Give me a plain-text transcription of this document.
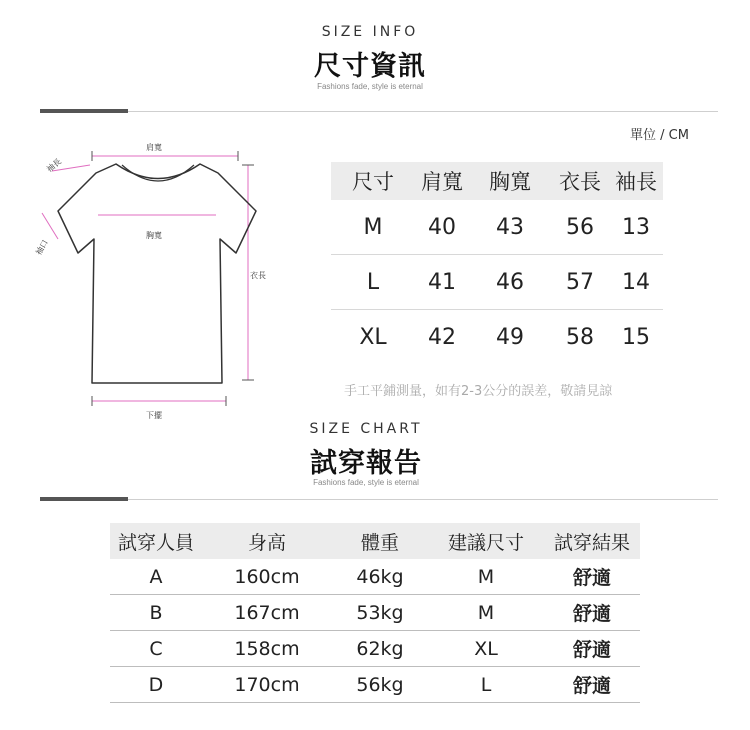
SIZE INFO
尺寸資訊
Fashions fade, style is eternal
單位 / CM
肩寬
袖長
袖口
胸寬
衣長
下擺
尺寸	肩寬	胸寬	衣長	袖長
M	40	43	56	13
L	41	46	57	14
XL	42	49	58	15
手工平鋪測量，如有2-3公分的誤差，敬請見諒
SIZE CHART
試穿報告
Fashions fade, style is eternal
試穿人員	身高	體重	建議尺寸	試穿結果
A	160cm	46kg	M	舒適
B	167cm	53kg	M	舒適
C	158cm	62kg	XL	舒適
D	170cm	56kg	L	舒適
